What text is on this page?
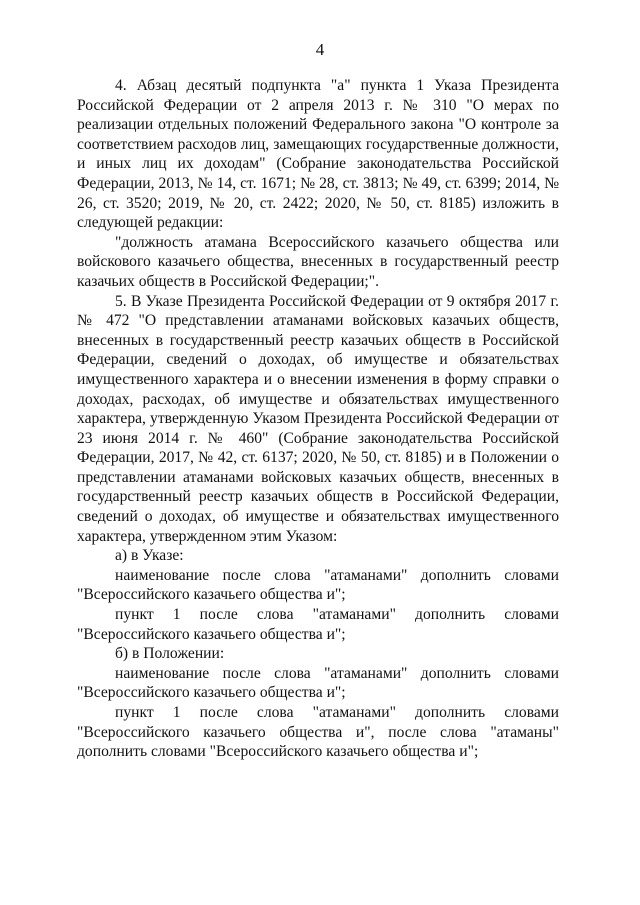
4

4. Абзац десятый подпункта "а" пункта 1 Указа Президента Российской Федерации от 2 апреля 2013 г. № 310 "О мерах по реализации отдельных положений Федерального закона "О контроле за соответствием расходов лиц, замещающих государственные должности, и иных лиц их доходам" (Собрание законодательства Российской Федерации, 2013, № 14, ст. 1671; № 28, ст. 3813; № 49, ст. 6399; 2014, № 26, ст. 3520; 2019, № 20, ст. 2422; 2020, № 50, ст. 8185) изложить в следующей редакции:

"должность атамана Всероссийского казачьего общества или войскового казачьего общества, внесенных в государственный реестр казачьих обществ в Российской Федерации;".

5. В Указе Президента Российской Федерации от 9 октября 2017 г. № 472 "О представлении атаманами войсковых казачьих обществ, внесенных в государственный реестр казачьих обществ в Российской Федерации, сведений о доходах, об имуществе и обязательствах имущественного характера и о внесении изменения в форму справки о доходах, расходах, об имуществе и обязательствах имущественного характера, утвержденную Указом Президента Российской Федерации от 23 июня 2014 г. № 460" (Собрание законодательства Российской Федерации, 2017, № 42, ст. 6137; 2020, № 50, ст. 8185) и в Положении о представлении атаманами войсковых казачьих обществ, внесенных в государственный реестр казачьих обществ в Российской Федерации, сведений о доходах, об имуществе и обязательствах имущественного характера, утвержденном этим Указом:

а) в Указе:

наименование после слова "атаманами" дополнить словами "Всероссийского казачьего общества и";

пункт 1 после слова "атаманами" дополнить словами "Всероссийского казачьего общества и";

б) в Положении:

наименование после слова "атаманами" дополнить словами "Всероссийского казачьего общества и";

пункт 1 после слова "атаманами" дополнить словами "Всероссийского казачьего общества и", после слова "атаманы" дополнить словами "Всероссийского казачьего общества и";
